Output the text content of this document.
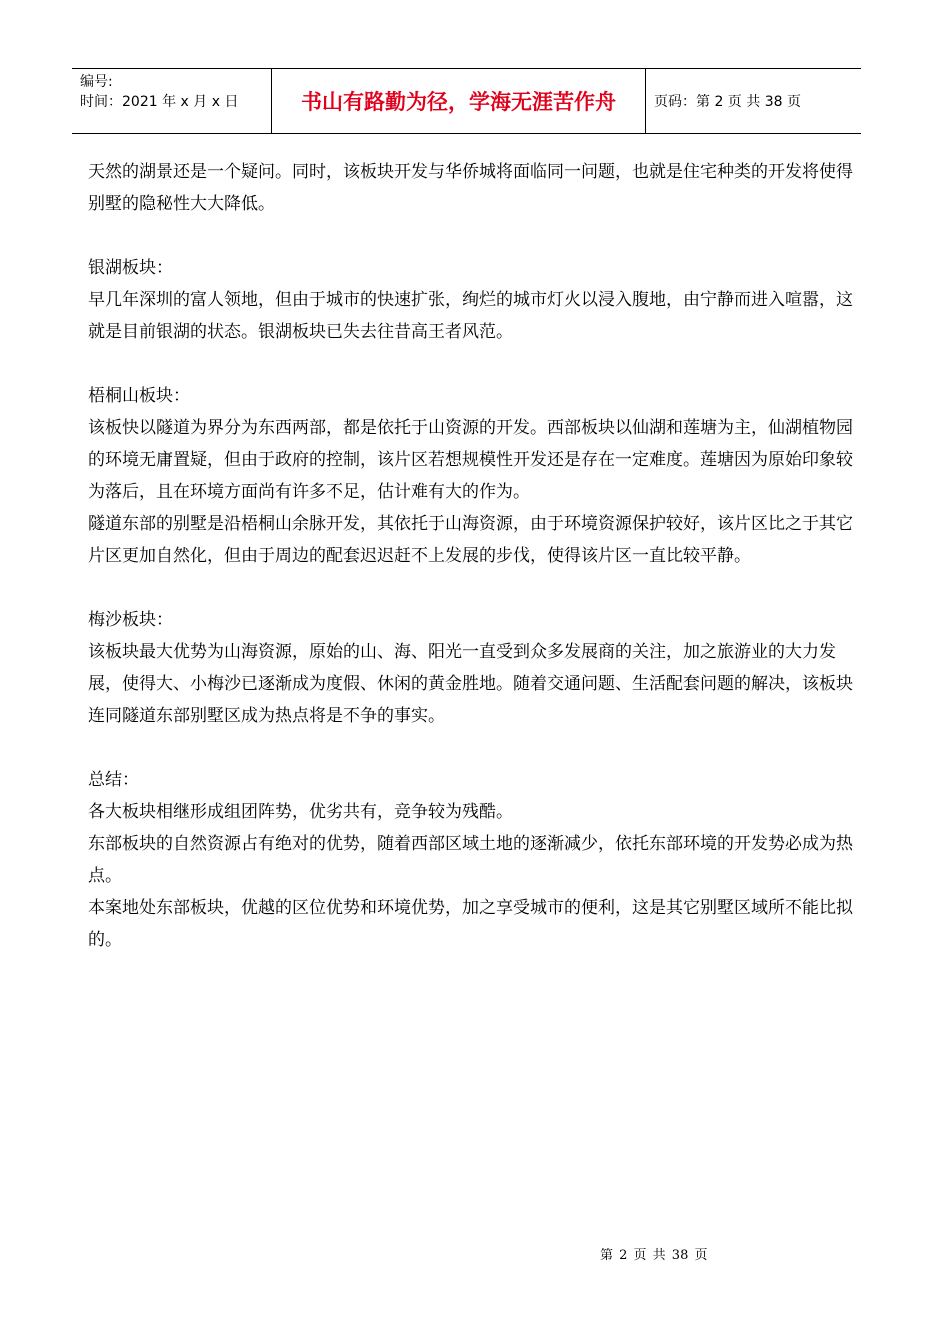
编号:
时间：2021 年 x 月 x 日	书山有路勤为径，学海无涯苦作舟	页码：第 2 页 共 38 页

天然的湖景还是一个疑问。同时，该板块开发与华侨城将面临同一问题，也就是住宅种类的开发将使得别墅的隐秘性大大降低。

银湖板块：

早几年深圳的富人领地，但由于城市的快速扩张，绚烂的城市灯火以浸入腹地，由宁静而进入喧嚣，这就是目前银湖的状态。银湖板块已失去往昔高王者风范。

梧桐山板块：

该板快以隧道为界分为东西两部，都是依托于山资源的开发。西部板块以仙湖和莲塘为主，仙湖植物园的环境无庸置疑，但由于政府的控制，该片区若想规模性开发还是存在一定难度。莲塘因为原始印象较为落后，且在环境方面尚有许多不足，估计难有大的作为。

隧道东部的别墅是沿梧桐山余脉开发，其依托于山海资源，由于环境资源保护较好，该片区比之于其它片区更加自然化，但由于周边的配套迟迟赶不上发展的步伐，使得该片区一直比较平静。

梅沙板块：

该板块最大优势为山海资源，原始的山、海、阳光一直受到众多发展商的关注，加之旅游业的大力发展，使得大、小梅沙已逐渐成为度假、休闲的黄金胜地。随着交通问题、生活配套问题的解决，该板块连同隧道东部别墅区成为热点将是不争的事实。

总结：

各大板块相继形成组团阵势，优劣共有，竞争较为残酷。

东部板块的自然资源占有绝对的优势，随着西部区域土地的逐渐减少，依托东部环境的开发势必成为热点。

本案地处东部板块，优越的区位优势和环境优势，加之享受城市的便利，这是其它别墅区域所不能比拟的。

第 2 页 共 38 页
